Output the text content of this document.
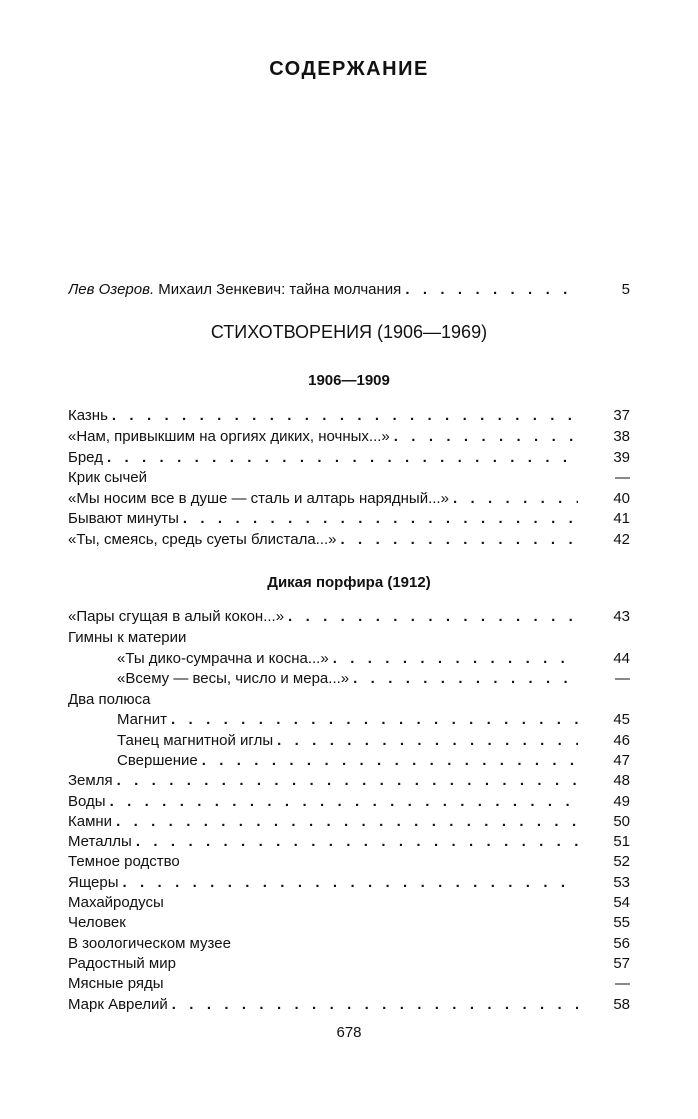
СОДЕРЖАНИЕ
Лев Озеров. Михаил Зенкевич: тайна молчания . . .	5
СТИХОТВОРЕНИЯ (1906—1969)
1906—1909
Казнь . . .	37
«Нам, привыкшим на оргиях диких, ночных...» . . .	38
Бред . . .	39
Крик сычей	—
«Мы носим все в душе — сталь и алтарь нарядный...» . . .	40
Бывают минуты . . .	41
«Ты, смеясь, средь суеты блистала...» . . .	42
Дикая порфира (1912)
«Пары сгущая в алый кокон...» . . .	43
Гимны к материи
«Ты дико-сумрачна и косна...» . . .	44
«Всему — весы, число и мера...» . . .	—
Два полюса
Магнит . . .	45
Танец магнитной иглы . . .	46
Свершение . . .	47
Земля . . .	48
Воды . . .	49
Камни . . .	50
Металлы . . .	51
Темное родство	52
Ящеры . . .	53
Махайродусы	54
Человек	55
В зоологическом музее	56
Радостный мир	57
Мясные ряды	—
Марк Аврелий . . .	58
678
